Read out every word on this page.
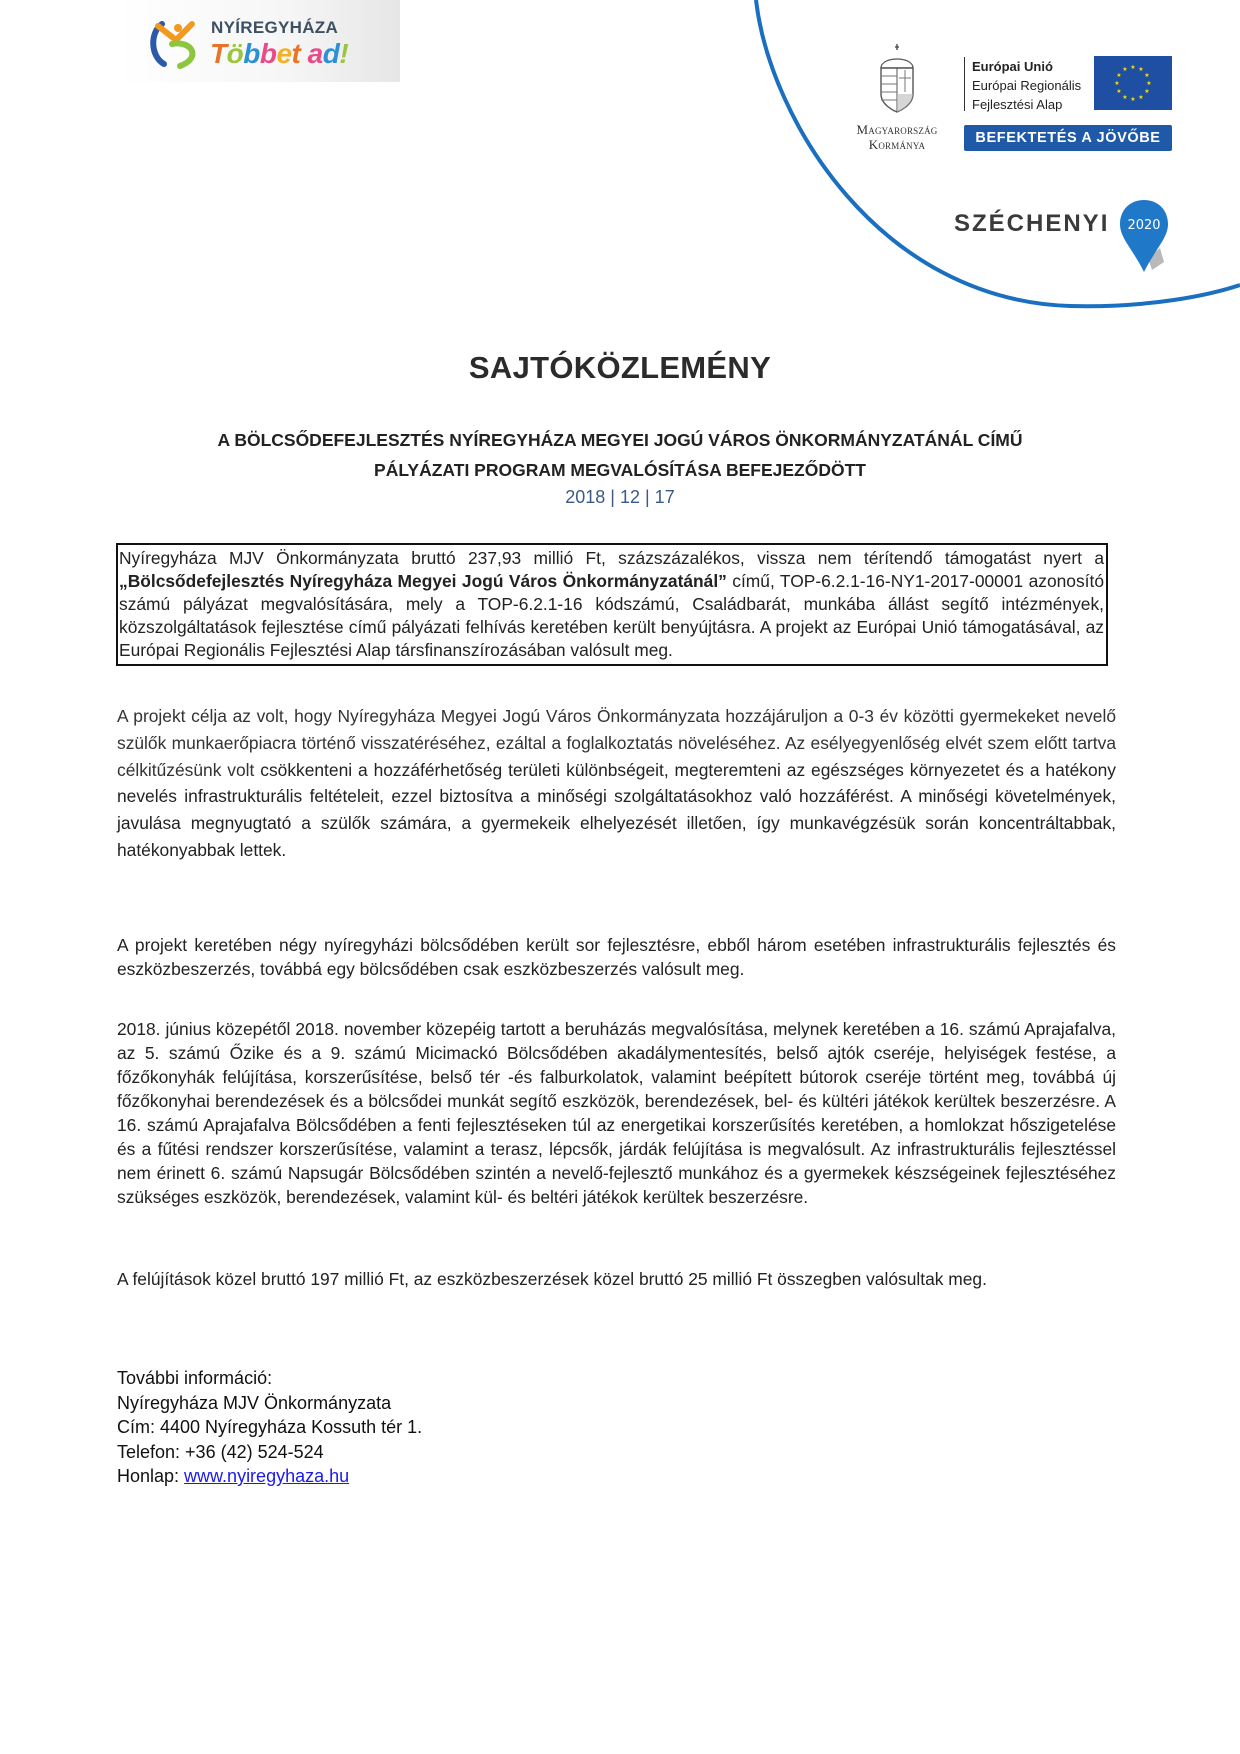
NYÍREGYHÁZA
Többet ad!
Magyarország
Kormánya
Európai Unió
Európai Regionális
Fejlesztési Alap
★ ★
★
★
★
★
★
★
★
★
★
★
BEFEKTETÉS A JÖVŐBE
SZÉCHENYI 2020
SAJTÓKÖZLEMÉNY
A BÖLCSŐDEFEJLESZTÉS NYÍREGYHÁZA MEGYEI JOGÚ VÁROS ÖNKORMÁNYZATÁNÁL CÍMŰ
PÁLYÁZATI PROGRAM MEGVALÓSÍTÁSA BEFEJEZŐDÖTT
2018 | 12 | 17
Nyíregyháza MJV Önkormányzata bruttó 237,93 millió Ft, százszázalékos, vissza nem térítendő támogatást nyert a „Bölcsődefejlesztés Nyíregyháza Megyei Jogú Város Önkormányzatánál” című, TOP-6.2.1-16-NY1-2017-00001 azonosító számú pályázat megvalósítására, mely a TOP-6.2.1-16 kódszámú, Családbarát, munkába állást segítő intézmények, közszolgáltatások fejlesztése című pályázati felhívás keretében került benyújtásra. A projekt az Európai Unió támogatásával, az Európai Regionális Fejlesztési Alap társfinanszírozásában valósult meg.
A projekt célja az volt, hogy Nyíregyháza Megyei Jogú Város Önkormányzata hozzájáruljon a 0-3 év közötti gyermekeket nevelő szülők munkaerőpiacra történő visszatéréséhez, ezáltal a foglalkoztatás növeléséhez. Az esélyegyenlőség elvét szem előtt tartva célkitűzésünk volt csökkenteni a hozzáférhetőség területi különbségeit, megteremteni az egészséges környezetet és a hatékony nevelés infrastrukturális feltételeit, ezzel biztosítva a minőségi szolgáltatásokhoz való hozzáférést. A minőségi követelmények, javulása megnyugtató a szülők számára, a gyermekeik elhelyezését illetően, így munkavégzésük során koncentráltabbak, hatékonyabbak lettek.
A projekt keretében négy nyíregyházi bölcsődében került sor fejlesztésre, ebből három esetében infrastrukturális fejlesztés és eszközbeszerzés, továbbá egy bölcsődében csak eszközbeszerzés valósult meg.
2018. június közepétől 2018. november közepéig tartott a beruházás megvalósítása, melynek keretében a 16. számú Aprajafalva, az 5. számú Őzike és a 9. számú Micimackó Bölcsődében akadálymentesítés, belső ajtók cseréje, helyiségek festése, a főzőkonyhák felújítása, korszerűsítése, belső tér -és falburkolatok, valamint beépített bútorok cseréje történt meg, továbbá új főzőkonyhai berendezések és a bölcsődei munkát segítő eszközök, berendezések, bel- és kültéri játékok kerültek beszerzésre. A 16. számú Aprajafalva Bölcsődében a fenti fejlesztéseken túl az energetikai korszerűsítés keretében, a homlokzat hőszigetelése és a fűtési rendszer korszerűsítése, valamint a terasz, lépcsők, járdák felújítása is megvalósult. Az infrastrukturális fejlesztéssel nem érinett 6. számú Napsugár Bölcsődében szintén a nevelő-fejlesztő munkához és a gyermekek készségeinek fejlesztéséhez szükséges eszközök, berendezések, valamint kül- és beltéri játékok kerültek beszerzésre.
A felújítások közel bruttó 197 millió Ft, az eszközbeszerzések közel bruttó 25 millió Ft összegben valósultak meg.
További információ:
Nyíregyháza MJV Önkormányzata
Cím: 4400 Nyíregyháza Kossuth tér 1.
Telefon: +36 (42) 524-524
Honlap: www.nyiregyhaza.hu
